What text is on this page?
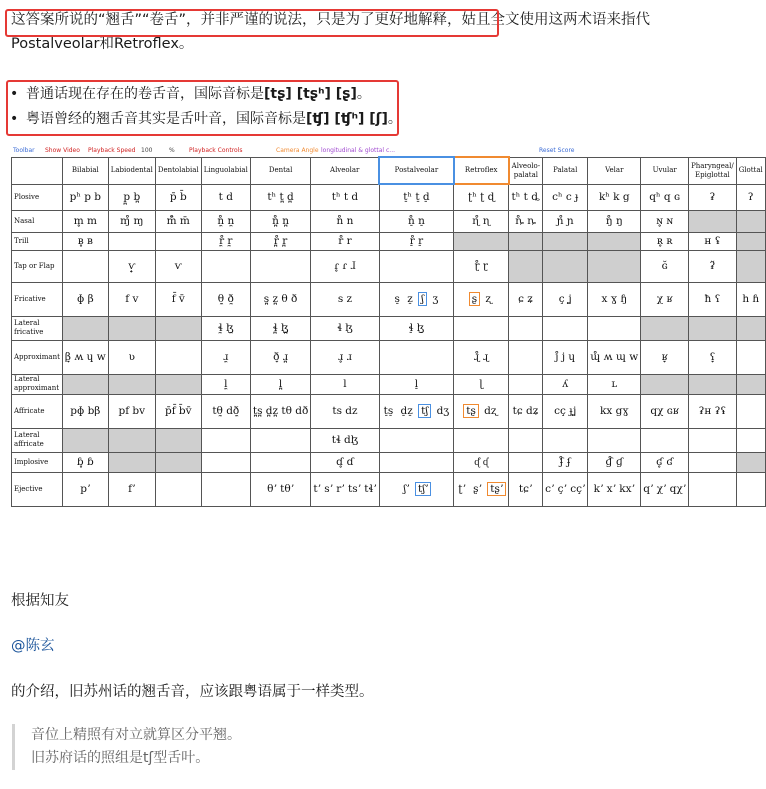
这答案所说的“翘舌”“卷舌”，并非严谨的说法，只是为了更好地解释，姑且全文使用这两术语来指代Postalveolar和Retroflex。
• 普通话现在存在的卷舌音，国际音标是[tʂ] [tʂʰ] [ʂ]。
• 粤语曾经的翘舌音其实是舌叶音，国际音标是[ʧ] [ʧʰ] [ʃ]。
Toolbar Show Video Playback Speed 100	% Playback Controls	Camera Angle longitudinal & glottal c...	Reset Score
	Bilabial	Labiodental	Dentolabial	Linguolabial	Dental	Alveolar	Postalveolar	Retroflex	Alveolo-palatal	Palatal	Velar	Uvular	Pharyngeal/ Epiglottal	Glottal
Plosive	pʰ p b	p̪ b̪	p̄ b̄	t d	tʰ t̪ d̪	tʰ t d	t̠ʰ t̠ d̠	ʈʰ ʈ ɖ	tʰ t ȡ	cʰ c ɟ	kʰ k g	qʰ q ɢ	ʡ	ʔ
Nasal	m̥ m	ɱ̊ ɱ	m̄̊ m̄	n̼̊ n̼	n̪̊ n̪	n̊ n	n̠̊ n̠	ɳ̊ ɳ	ȵ̊ ȵ	ɲ̊ ɲ	ŋ̊ ŋ	ɴ̥ ɴ		
Trill	ʙ̥ ʙ			r̼̊ r̼	r̪̊ r̪	r̊ r	r̠̊ r̠					ʀ̥ ʀ	ʜ ʢ	
Tap or Flap		ⱱ̟	ⱱ			ɾ̥ ɾ ɺ		ɽ̊ ɽ				ɢ̆	ʡ̆	
Fricative	ɸ β	f v	f̄ v̄	θ̼ ð̼	s̪ z̪ θ ð	s z	s̠ z̠ ʃ ʒ	ʂ ʐ	ɕ ʑ	ç ʝ	x ɣ ɧ	χ ʁ	ħ ʕ	h ɦ
Lateral fricative				ɬ̼ ɮ̼	ɬ̪ ɮ̪	ɬ ɮ	ɬ̠ ɮ̠							
Approximant	β̞ ʍ ɥ w	ʋ		ɹ̼	ð̞ ɹ̪	ɹ̥ ɹ		ɻ̊ ɻ		j̊ j ɥ	ɰ̊ ʍ ɰ w	ʁ̞	ʕ̞	
Lateral approximant				l̼	l̪	l	l̠	ɭ		ʎ	ʟ			
Affricate	pɸ bβ	pf bv	p̄f̄ b̄v̄	tθ̼ dð̼	t̪s̪ d̪z̪ tθ dð	ts dz	t̠s̠ d̠z̠ tʃ dʒ	tʂ dʐ	tɕ dʑ	cç ɟʝ	kx gɣ	qχ ɢʁ	ʡʜ ʡʢ	
Lateral affricate						tɬ dɮ								
Implosive	ɓ̥ ɓ					ɗ̥ ɗ		ᶑ̊ ᶑ		ʄ̊ ʄ	ɠ̊ ɠ	ʛ̥ ʛ		
Ejective	pʼ	fʼ			θʼ tθʼ	tʼ sʼ rʼ tsʼ tɬʼ	ʃʼ tʃʼ	ʈʼ ʂʼ tʂʼ	tɕʼ	cʼ çʼ cçʼ	kʼ xʼ kxʼ	qʼ χʼ qχʼ		
根据知友
@陈玄
的介绍，旧苏州话的翘舌音，应该跟粤语属于一样类型。
音位上精照有对立就算区分平翘。
旧苏府话的照组是tʃ型舌叶。
